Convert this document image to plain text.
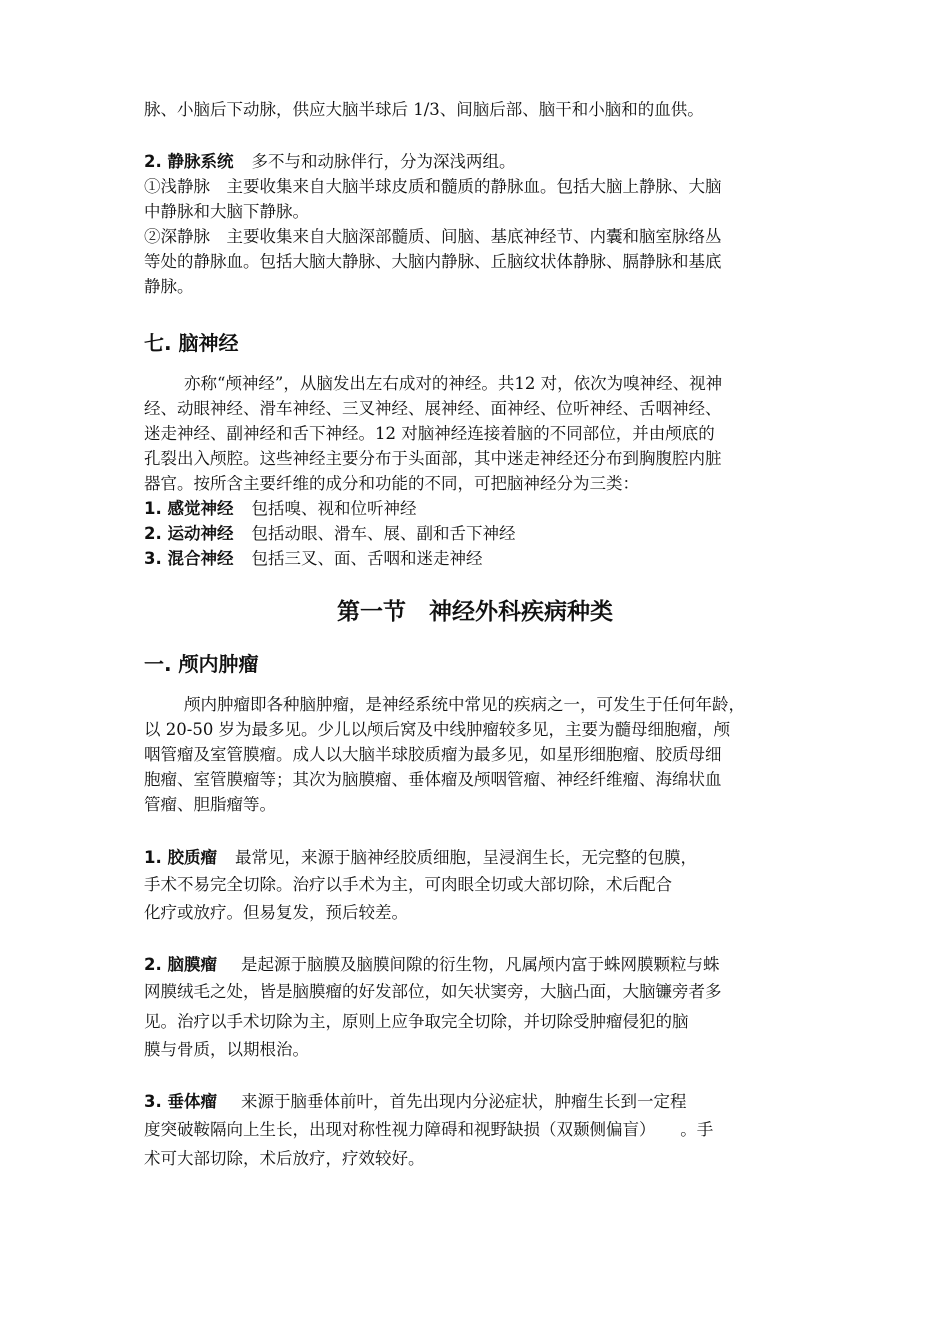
脉、小脑后下动脉，供应大脑半球后 1/3、间脑后部、脑干和小脑和的血供。
2. 静脉系统 多不与和动脉伴行，分为深浅两组。
①浅静脉　主要收集来自大脑半球皮质和髓质的静脉血。包括大脑上静脉、大脑
中静脉和大脑下静脉。
②深静脉　主要收集来自大脑深部髓质、间脑、基底神经节、内囊和脑室脉络丛
等处的静脉血。包括大脑大静脉、大脑内静脉、丘脑纹状体静脉、膈静脉和基底
静脉。
七. 脑神经
亦称“颅神经”，从脑发出左右成对的神经。共12 对，依次为嗅神经、视神
经、动眼神经、滑车神经、三叉神经、展神经、面神经、位听神经、舌咽神经、
迷走神经、副神经和舌下神经。12 对脑神经连接着脑的不同部位，并由颅底的
孔裂出入颅腔。这些神经主要分布于头面部，其中迷走神经还分布到胸腹腔内脏
器官。按所含主要纤维的成分和功能的不同，可把脑神经分为三类：
1. 感觉神经 包括嗅、视和位听神经
2. 运动神经 包括动眼、滑车、展、副和舌下神经
3. 混合神经 包括三叉、面、舌咽和迷走神经
第一节　神经外科疾病种类
一. 颅内肿瘤
颅内肿瘤即各种脑肿瘤，是神经系统中常见的疾病之一，可发生于任何年龄，
以 20-50 岁为最多见。少儿以颅后窝及中线肿瘤较多见，主要为髓母细胞瘤，颅
咽管瘤及室管膜瘤。成人以大脑半球胶质瘤为最多见，如星形细胞瘤、胶质母细
胞瘤、室管膜瘤等；其次为脑膜瘤、垂体瘤及颅咽管瘤、神经纤维瘤、海绵状血
管瘤、胆脂瘤等。
1. 胶质瘤 最常见，来源于脑神经胶质细胞，呈浸润生长，无完整的包膜，
手术不易完全切除。治疗以手术为主，可肉眼全切或大部切除，术后配合
化疗或放疗。但易复发，预后较差。
2. 脑膜瘤 是起源于脑膜及脑膜间隙的衍生物，凡属颅内富于蛛网膜颗粒与蛛
网膜绒毛之处，皆是脑膜瘤的好发部位，如矢状窦旁，大脑凸面，大脑镰旁者多
见。治疗以手术切除为主，原则上应争取完全切除，并切除受肿瘤侵犯的脑
膜与骨质，以期根治。
3. 垂体瘤 来源于脑垂体前叶，首先出现内分泌症状，肿瘤生长到一定程
度突破鞍隔向上生长，出现对称性视力障碍和视野缺损（双颞侧偏盲）　　。手
术可大部切除，术后放疗，疗效较好。
